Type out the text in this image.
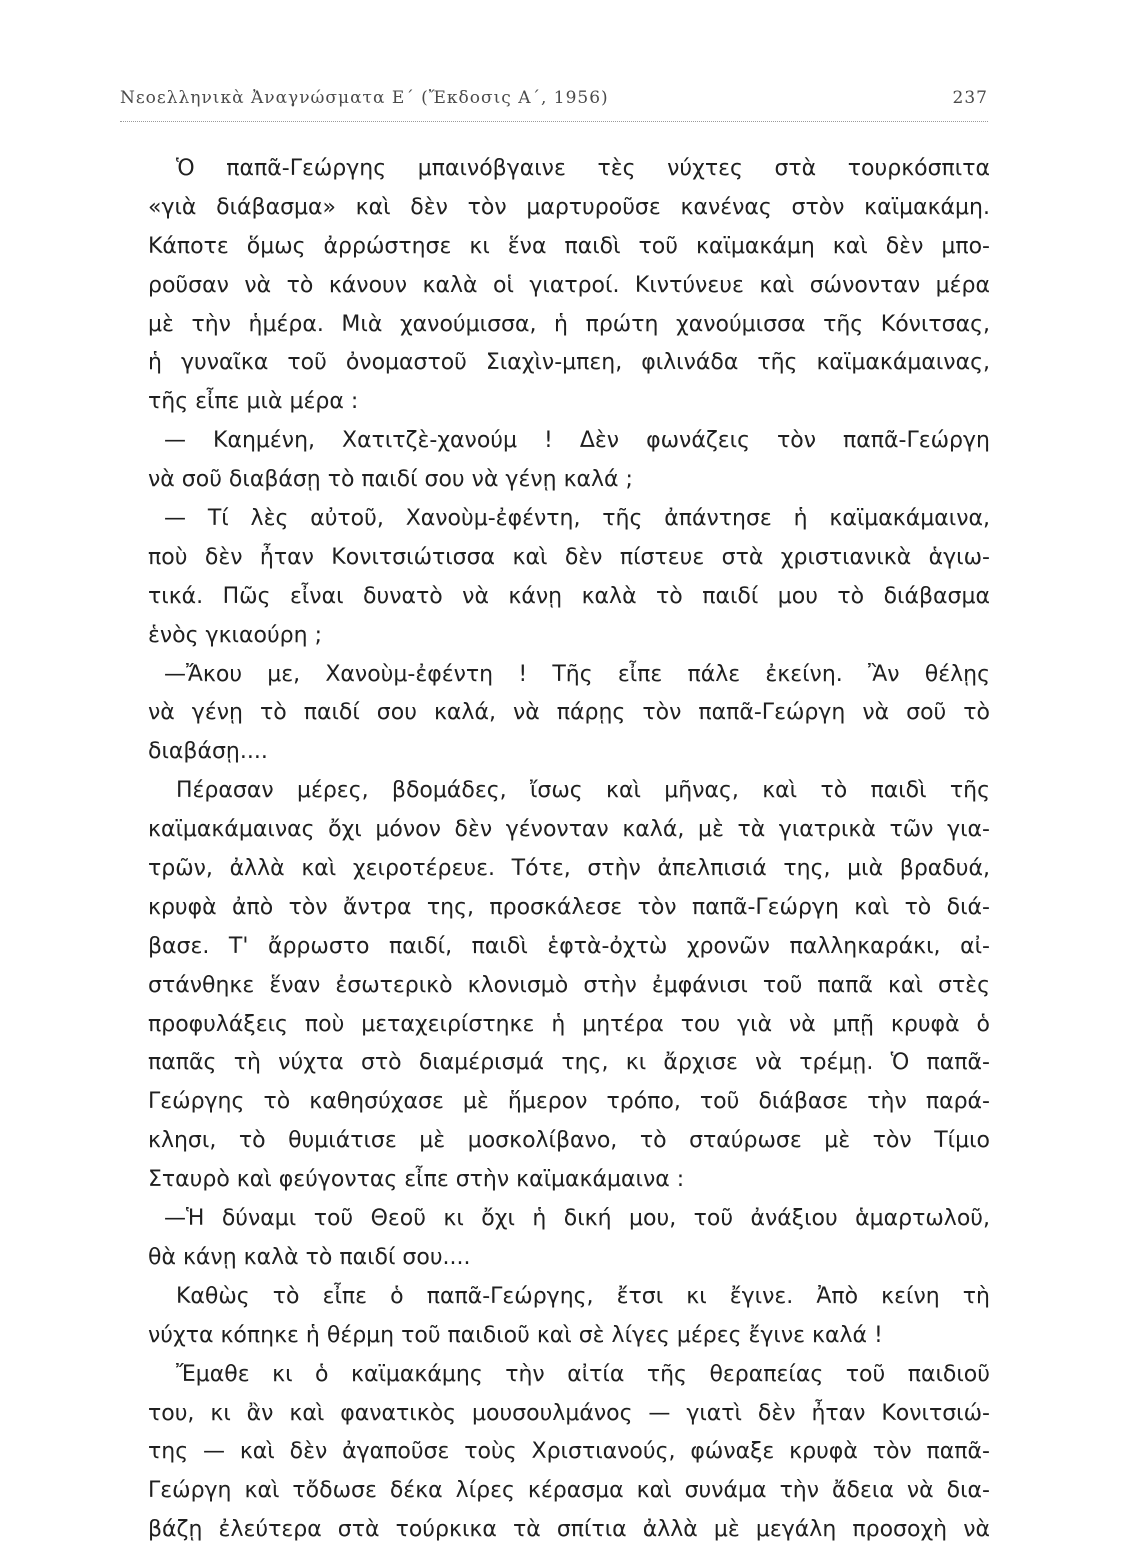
Νεοελληνικὰ Ἀναγνώσματα Ε΄ (Ἔκδοσις Α΄, 1956)	237
Ὁ παπᾶ-Γεώργης μπαινόβγαινε τὲς νύχτες στὰ τουρκόσπιτα
«γιὰ διάβασμα» καὶ δὲν τὸν μαρτυροῦσε κανένας στὸν καϊμακάμη.
Κάποτε ὅμως ἀρρώστησε κι ἕνα παιδὶ τοῦ καϊμακάμη καὶ δὲν μπο-
ροῦσαν νὰ τὸ κάνουν καλὰ οἱ γιατροί. Κιντύνευε καὶ σώνονταν μέρα
μὲ τὴν ἡμέρα. Μιὰ χανούμισσα, ἡ πρώτη χανούμισσα τῆς Κόνιτσας,
ἡ γυναῖκα τοῦ ὀνομαστοῦ Σιαχὶν-μπεη, φιλινάδα τῆς καϊμακάμαινας,
τῆς εἶπε μιὰ μέρα :
— Καημένη, Χατιτζὲ-χανούμ ! Δὲν φωνάζεις τὸν παπᾶ-Γεώργη
νὰ σοῦ διαβάσῃ τὸ παιδί σου νὰ γένῃ καλά ;
— Τί λὲς αὐτοῦ, Χανοὺμ-ἐφέντη, τῆς ἀπάντησε ἡ καϊμακάμαινα,
ποὺ δὲν ἦταν Κονιτσιώτισσα καὶ δὲν πίστευε στὰ χριστιανικὰ ἁγιω-
τικά. Πῶς εἶναι δυνατὸ νὰ κάνῃ καλὰ τὸ παιδί μου τὸ διάβασμα
ἑνὸς γκιαούρη ;
—Ἄκου με, Χανοὺμ-ἐφέντη ! Τῆς εἶπε πάλε ἐκείνη. Ἂν θέλῃς
νὰ γένῃ τὸ παιδί σου καλά, νὰ πάρῃς τὸν παπᾶ-Γεώργη νὰ σοῦ τὸ
διαβάσῃ....
Πέρασαν μέρες, βδομάδες, ἴσως καὶ μῆνας, καὶ τὸ παιδὶ τῆς
καϊμακάμαινας ὄχι μόνον δὲν γένονταν καλά, μὲ τὰ γιατρικὰ τῶν για-
τρῶν, ἀλλὰ καὶ χειροτέρευε. Τότε, στὴν ἀπελπισιά της, μιὰ βραδυά,
κρυφὰ ἀπὸ τὸν ἄντρα της, προσκάλεσε τὸν παπᾶ-Γεώργη καὶ τὸ διά-
βασε. Τ' ἄρρωστο παιδί, παιδὶ ἑφτὰ-ὀχτὼ χρονῶν παλληκαράκι, αἰ-
στάνθηκε ἕναν ἐσωτερικὸ κλονισμὸ στὴν ἐμφάνισι τοῦ παπᾶ καὶ στὲς
προφυλάξεις ποὺ μεταχειρίστηκε ἡ μητέρα του γιὰ νὰ μπῇ κρυφὰ ὁ
παπᾶς τὴ νύχτα στὸ διαμέρισμά της, κι ἄρχισε νὰ τρέμῃ. Ὁ παπᾶ-
Γεώργης τὸ καθησύχασε μὲ ἥμερον τρόπο, τοῦ διάβασε τὴν παρά-
κλησι, τὸ θυμιάτισε μὲ μοσκολίβανο, τὸ σταύρωσε μὲ τὸν Τίμιο
Σταυρὸ καὶ φεύγοντας εἶπε στὴν καϊμακάμαινα :
—Ἡ δύναμι τοῦ Θεοῦ κι ὄχι ἡ δική μου, τοῦ ἀνάξιου ἁμαρτωλοῦ,
θὰ κάνῃ καλὰ τὸ παιδί σου....
Καθὼς τὸ εἶπε ὁ παπᾶ-Γεώργης, ἔτσι κι ἔγινε. Ἀπὸ κείνη τὴ
νύχτα κόπηκε ἡ θέρμη τοῦ παιδιοῦ καὶ σὲ λίγες μέρες ἔγινε καλά !
Ἔμαθε κι ὁ καϊμακάμης τὴν αἰτία τῆς θεραπείας τοῦ παιδιοῦ
του, κι ἂν καὶ φανατικὸς μουσουλμάνος — γιατὶ δὲν ἦταν Κονιτσιώ-
της — καὶ δὲν ἀγαποῦσε τοὺς Χριστιανούς, φώναξε κρυφὰ τὸν παπᾶ-
Γεώργη καὶ τὄδωσε δέκα λίρες κέρασμα καὶ συνάμα τὴν ἄδεια νὰ δια-
βάζῃ ἐλεύτερα στὰ τούρκικα τὰ σπίτια ἀλλὰ μὲ μεγάλη προσοχὴ νὰ
